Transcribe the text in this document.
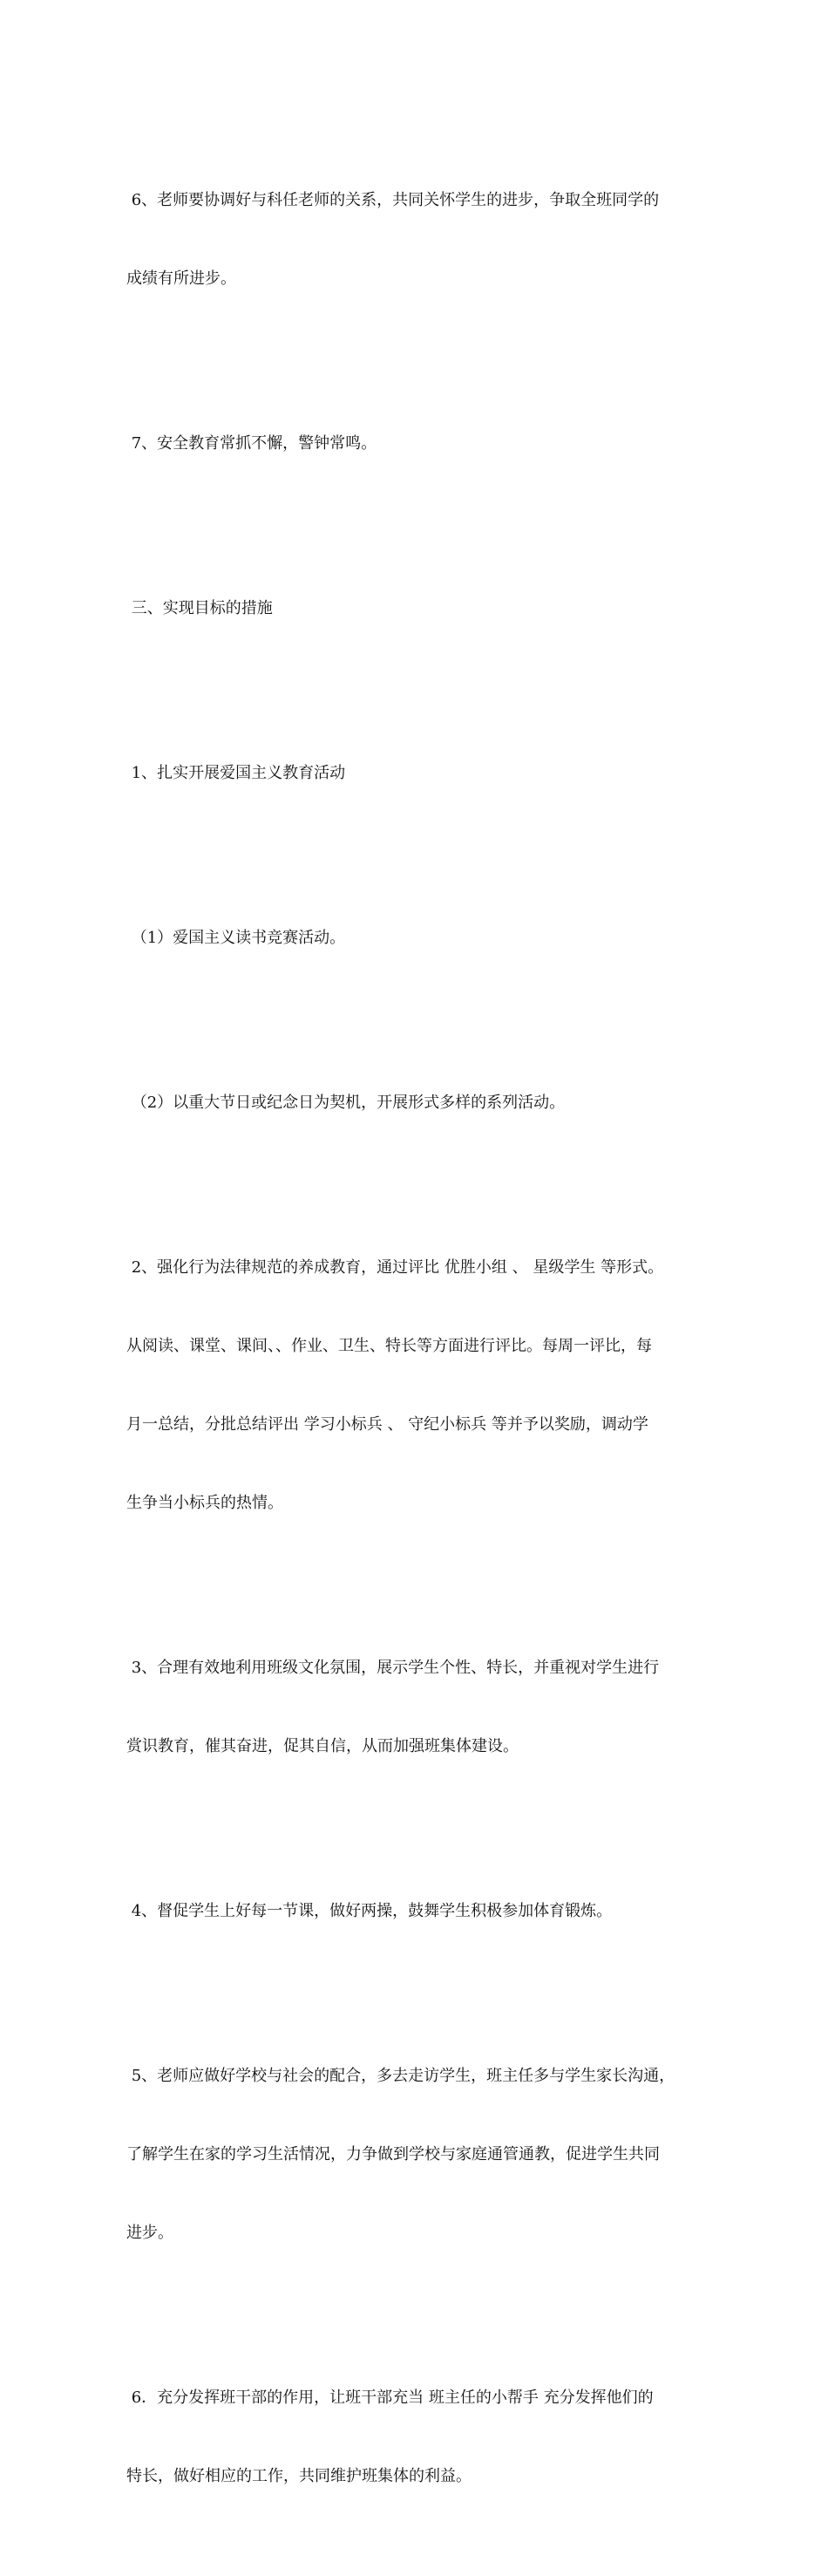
6、老师要协调好与科任老师的关系，共同关怀学生的进步，争取全班同学的

成绩有所进步。

7、安全教育常抓不懈，警钟常鸣。

三、实现目标的措施

1、扎实开展爱国主义教育活动

（1）爱国主义读书竞赛活动。

（2）以重大节日或纪念日为契机，开展形式多样的系列活动。

2、强化行为法律规范的养成教育，通过评比 优胜小组 、 星级学生 等形式。

从阅读、课堂、课间、、作业、卫生、特长等方面进行评比。每周一评比，每

月一总结，分批总结评出 学习小标兵 、 守纪小标兵 等并予以奖励，调动学

生争当小标兵的热情。

3、合理有效地利用班级文化氛围，展示学生个性、特长，并重视对学生进行

赏识教育，催其奋进，促其自信，从而加强班集体建设。

4、督促学生上好每一节课，做好两操，鼓舞学生积极参加体育锻炼。

5、老师应做好学校与社会的配合，多去走访学生，班主任多与学生家长沟通，

了解学生在家的学习生活情况，力争做到学校与家庭通管通教，促进学生共同

进步。

6．充分发挥班干部的作用，让班干部充当 班主任的小帮手 充分发挥他们的

特长，做好相应的工作，共同维护班集体的利益。
